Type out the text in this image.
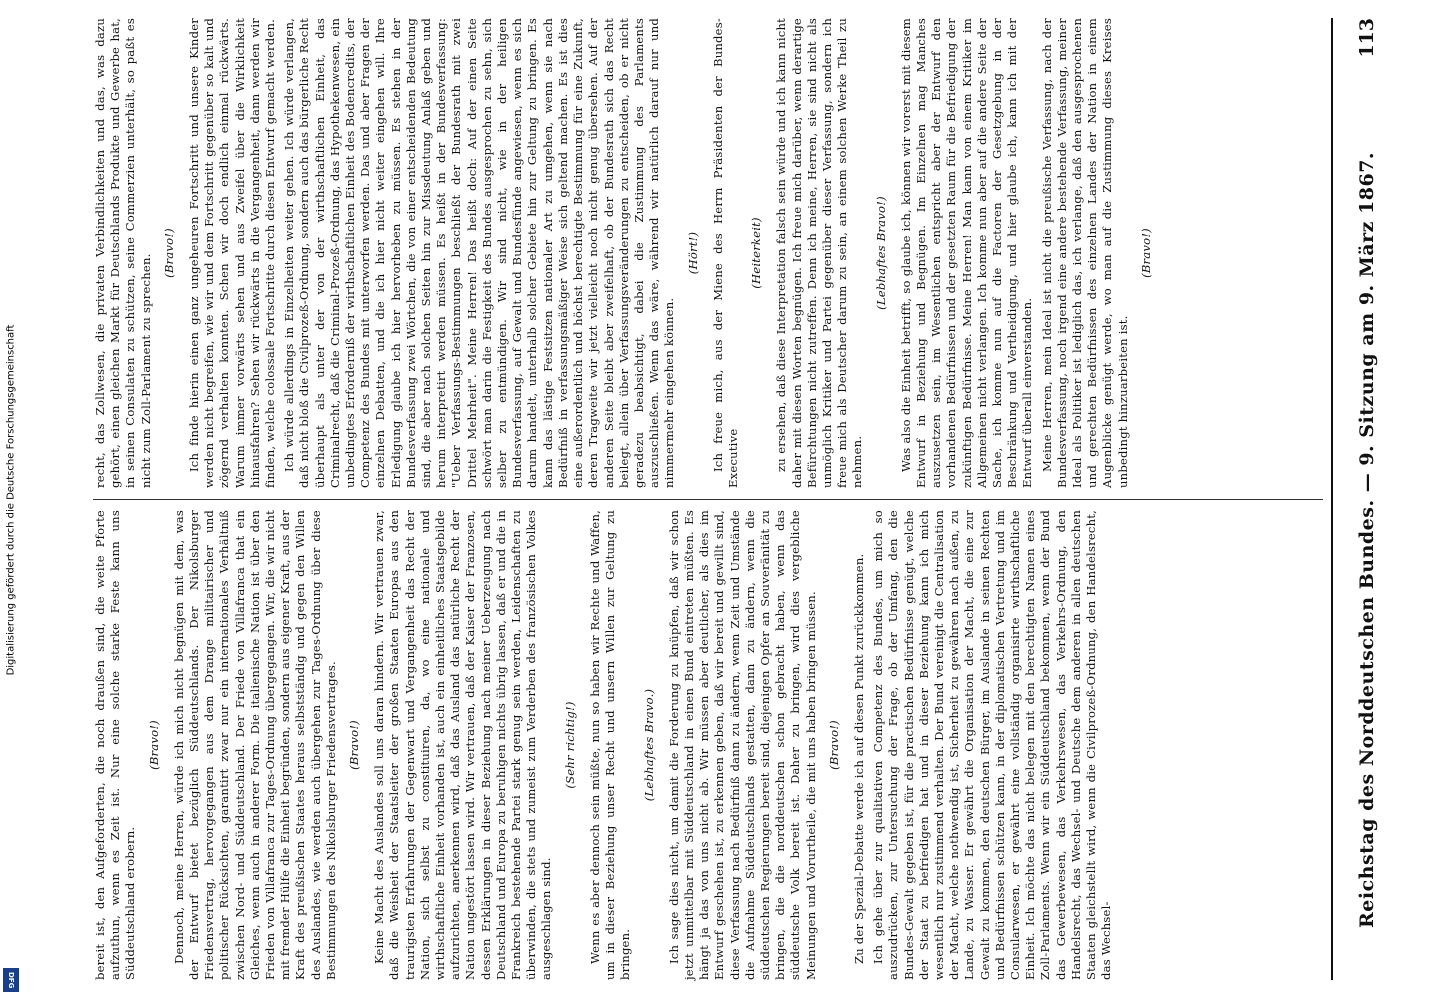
Digitalisierung gefördert durch die Deutsche Forschungsgemeinschaft
DFG
Reichstag des Norddeutschen Bundes. — 9. Sitzung am 9. März 1867.
113

bereit ist, den Aufgeforderten, die noch draußen sind, die weite Pforte aufzuthun, wenn es Zeit ist. Nur eine solche starke Feste kann uns Süddeutschland erobern.

(Bravo!) Dennoch, meine Herren, würde ich mich nicht begnügen mit dem, was der Entwurf bietet bezüglich Süddeutschlands. Der Nikolsburger Friedensvertrag, hervorgegangen aus dem Drange militairischer und politischer Rücksichten, garantirt zwar nur ein internationales Verhältniß zwischen Nord- und Süddeutschland. Der Friede von Villafranca that ein Gleiches, wenn auch in anderer Form. Die italienische Nation ist über den Frieden von Villafranca zur Tages-Ordnung übergegangen. Wir, die wir nicht mit fremder Hülfe die Einheit begründen, sondern aus eigener Kraft, aus der Kraft des preußischen Staates heraus selbstständig und gegen den Willen des Auslandes, wie werden auch übergehen zur Tages-Ordnung über diese Bestimmungen des Nikolsburger Friedensvertrages. (Bravo!) Keine Macht des Auslandes soll uns daran hindern. Wir vertrauen zwar, daß die Weisheit der Staatsleiter der großen Staaten Europas aus den traurigsten Erfahrungen der Gegenwart und Vergangenheit das Recht der Nation, sich selbst zu constituiren, da, wo eine nationale und wirthschaftliche Einheit vorhanden ist, auch ein einheitliches Staatsgebilde aufzurichten, anerkennen wird, daß das Ausland das natürliche Recht der Nation ungestört lassen wird. Wir vertrauen, daß der Kaiser der Franzosen, dessen Erklärungen in dieser Beziehung nach meiner Ueberzeugung nach Deutschland und Europa zu beruhigen nichts übrig lassen, daß er und die in Frankreich bestehende Partei stark genug sein werden, Leidenschaften zu überwinden, die stets und zumeist zum Verderben des französischen Volkes ausgeschlagen sind.

(Sehr richtig!) Wenn es aber dennoch sein müßte, nun so haben wir Rechte und Waffen, um in dieser Beziehung unser Recht und unsern Willen zur Geltung zu bringen.

(Lebhaftes Bravo.) Ich sage dies nicht, um damit die Forderung zu knüpfen, daß wir schon jetzt unmittelbar mit Süddeutschland in einen Bund eintreten müßten. Es hängt ja das von uns nicht ab. Wir müssen aber deutlicher, als dies im Entwurf geschehen ist, zu erkennen geben, daß wir bereit und gewillt sind, diese Verfassung nach Bedürfniß dann zu ändern, wenn Zeit und Umstände die Aufnahme Süddeutschlands gestatten, dann zu ändern, wenn die süddeutschen Regierungen bereit sind, diejenigen Opfer an Souveränität zu bringen, die die norddeutschen schon gebracht haben, wenn das süddeutsche Volk bereit ist. Daher zu bringen, wird dies vergebliche Meinungen und Vorurtheile, die mit uns haben bringen müssen. (Bravo!) Zu der Spezial-Debatte werde ich auf diesen Punkt zurückkommen. Ich gehe über zur qualitativen Competenz des Bundes, um mich so auszudrücken, zur Untersuchung der Frage, ob der Umfang, den die Bundes-Gewalt gegeben ist, für die practischen Bedürfnisse genügt, welche der Staat zu befriedigen hat und in dieser Beziehung kann ich mich wesentlich nur zustimmend verhalten. Der Bund vereinigt die Centralisation der Macht, welche nothwendig ist, Sicherheit zu gewähren nach außen, zu Lande, zu Wasser. Er gewährt die Organisation der Macht, die eine zur Gewalt zu kommen, den deutschen Bürger, im Auslande in seinen Rechten und Bedürfnissen schützen kann, in der diplomatischen Vertretung und im Consularwesen, er gewährt eine vollständig organisirte wirthschaftliche Einheit. Ich möchte das nicht belegen mit den berechtigten Namen eines Zoll-Parlaments. Wenn wir ein Süddeutschland bekommen, wenn der Bund das Gewerbewesen, das Verkehrswesen, das Verkehrs-Ordnung, den Handelsrecht, das Wechsel- und Deutsche dem anderen in allen deutschen Staaten gleichstellt wird, wenn die Civilprozeß-Ordnung, den Handelsrecht, das Wechsel-

recht, das Zollwesen, die privaten Verbindlichkeiten und das, was dazu gehört, einen gleichen Markt für Deutschlands Produkte und Gewerbe hat, in seinen Consulaten zu schützen, seine Commerzien unterhält, so paßt es nicht zum Zoll-Parlament zu sprechen.

(Bravo!) Ich finde hierin einen ganz ungeheuren Fortschritt und unsere Kinder werden nicht begreifen, wie wir und dem Fortschritt gegenüber so kalt und zögernd verhalten konnten. Schen wir doch endlich einmal rückwärts. Warum immer vorwärts sehen und aus Zweifel über die Wirklichkeit hinausfahren? Sehen wir rückwärts in die Vergangenheit, dann werden wir finden, welche colossale Fortschritte durch diesen Entwurf gemacht werden. Ich würde allerdings in Einzelheiten weiter gehen. Ich würde verlangen, daß nicht bloß die Civilprozeß-Ordnung, sondern auch das bürgerliche Recht überhaupt als unter der von der wirthschaftlichen Einheit, das Criminalrecht, daß die Criminal-Prozeß-Ordnung, das Hypothekenwesen, ein unbedingtes Erforderniß der wirthschaftlichen Einheit des Bodencredits, der Competenz des Bundes mit unterworfen werden. Das und aber Fragen der einzelnen Debatten, und die ich hier nicht weiter eingehen will. Ihre Erledigung glaube ich hier hervorheben zu müssen. Es stehen in der Bundesverfassung zwei Wörtchen, die von einer entscheidenden Bedeutung sind, die aber nach solchen Seiten hin zur Missdeutung Anlaß geben und herum interpretirt werden müssen. Es heißt in der Bundesverfassung: "Ueber Verfassungs-Bestimmungen beschließt der Bundesrath mit zwei Drittel Mehrheit". Meine Herren! Das heißt doch: Auf der einen Seite schwört man darin die Festigkeit des Bundes ausgesprochen zu sehn, sich selber zu entmündigen. Wir sind nicht, wie in der heiligen Bundesverfassung, auf Gewalt und Bundesfünde angewiesen, wenn es sich darum handelt, unterhalb solcher Gebiete hin zur Geltung zu bringen. Es kann das lästige Festsitzen nationaler Art zu umgehen, wenn sie nach Bedürfniß in verfassungsmäßiger Weise sich geltend machen. Es ist dies eine außerordentlich und höchst berechtigte Bestimmung für eine Zukunft, deren Tragweite wir jetzt vielleicht noch nicht genug übersehen. Auf der anderen Seite bleibt aber zweifelhaft, ob der Bundesrath sich das Recht beilegt, allein über Verfassungsveränderungen zu entscheiden, ob er nicht geradezu beabsichtigt, dabei die Zustimmung des Parlaments auszuschließen. Wenn das wäre, während wir natürlich darauf nur und nimmermehr eingehen können.

(Hört!) Ich freue mich, aus der Miene des Herrn Präsidenten der Bundes-Executive

(Heiterkeit) zu ersehen, daß diese Interpretation falsch sein würde und ich kann nicht daher mit diesen Worten begnügen. Ich freue mich darüber, wenn derartige Befürchtungen nicht zutreffen. Denn ich meine, Herren, sie sind nicht als unmöglich Kritiker und Partei gegenüber dieser Verfassung, sondern ich freue mich als Deutscher darum zu sein, an einem solchen Werke Theil zu nehmen.

(Lebhaftes Bravo!) Was also die Einheit betrifft, so glaube ich, können wir vorerst mit diesem Entwurf in Beziehung und Begnügen. Im Einzelnen mag Manches auszusetzen sein, im Wesentlichen entspricht aber der Entwurf den vorhandenen Bedürfnissen und der gesetzten Raum für die Befriedigung der zukünftigen Bedürfnisse. Meine Herren! Man kann von einem Kritiker im Allgemeinen nicht verlangen. Ich komme nun aber auf die andere Seite der Sache, ich komme nun auf die Factoren der Gesetzgebung in der Beschränkung und Vertheidigung, und hier glaube ich, kann ich mit der Entwurf überall einverstanden. Meine Herren, mein Ideal ist nicht die preußische Verfassung, nach der Bundesverfassung, noch irgend eine andere bestehende Verfassung, meiner Ideal als Politiker ist lediglich das, ich verlange, daß den ausgesprochenen und gerechten Bedürfnissen des einzelnen Landes der Nation in einem Augenblicke genügt werde, wo man auf die Zustimmung dieses Kreises unbedingt hinzuarbeiten ist.

(Bravo!)
